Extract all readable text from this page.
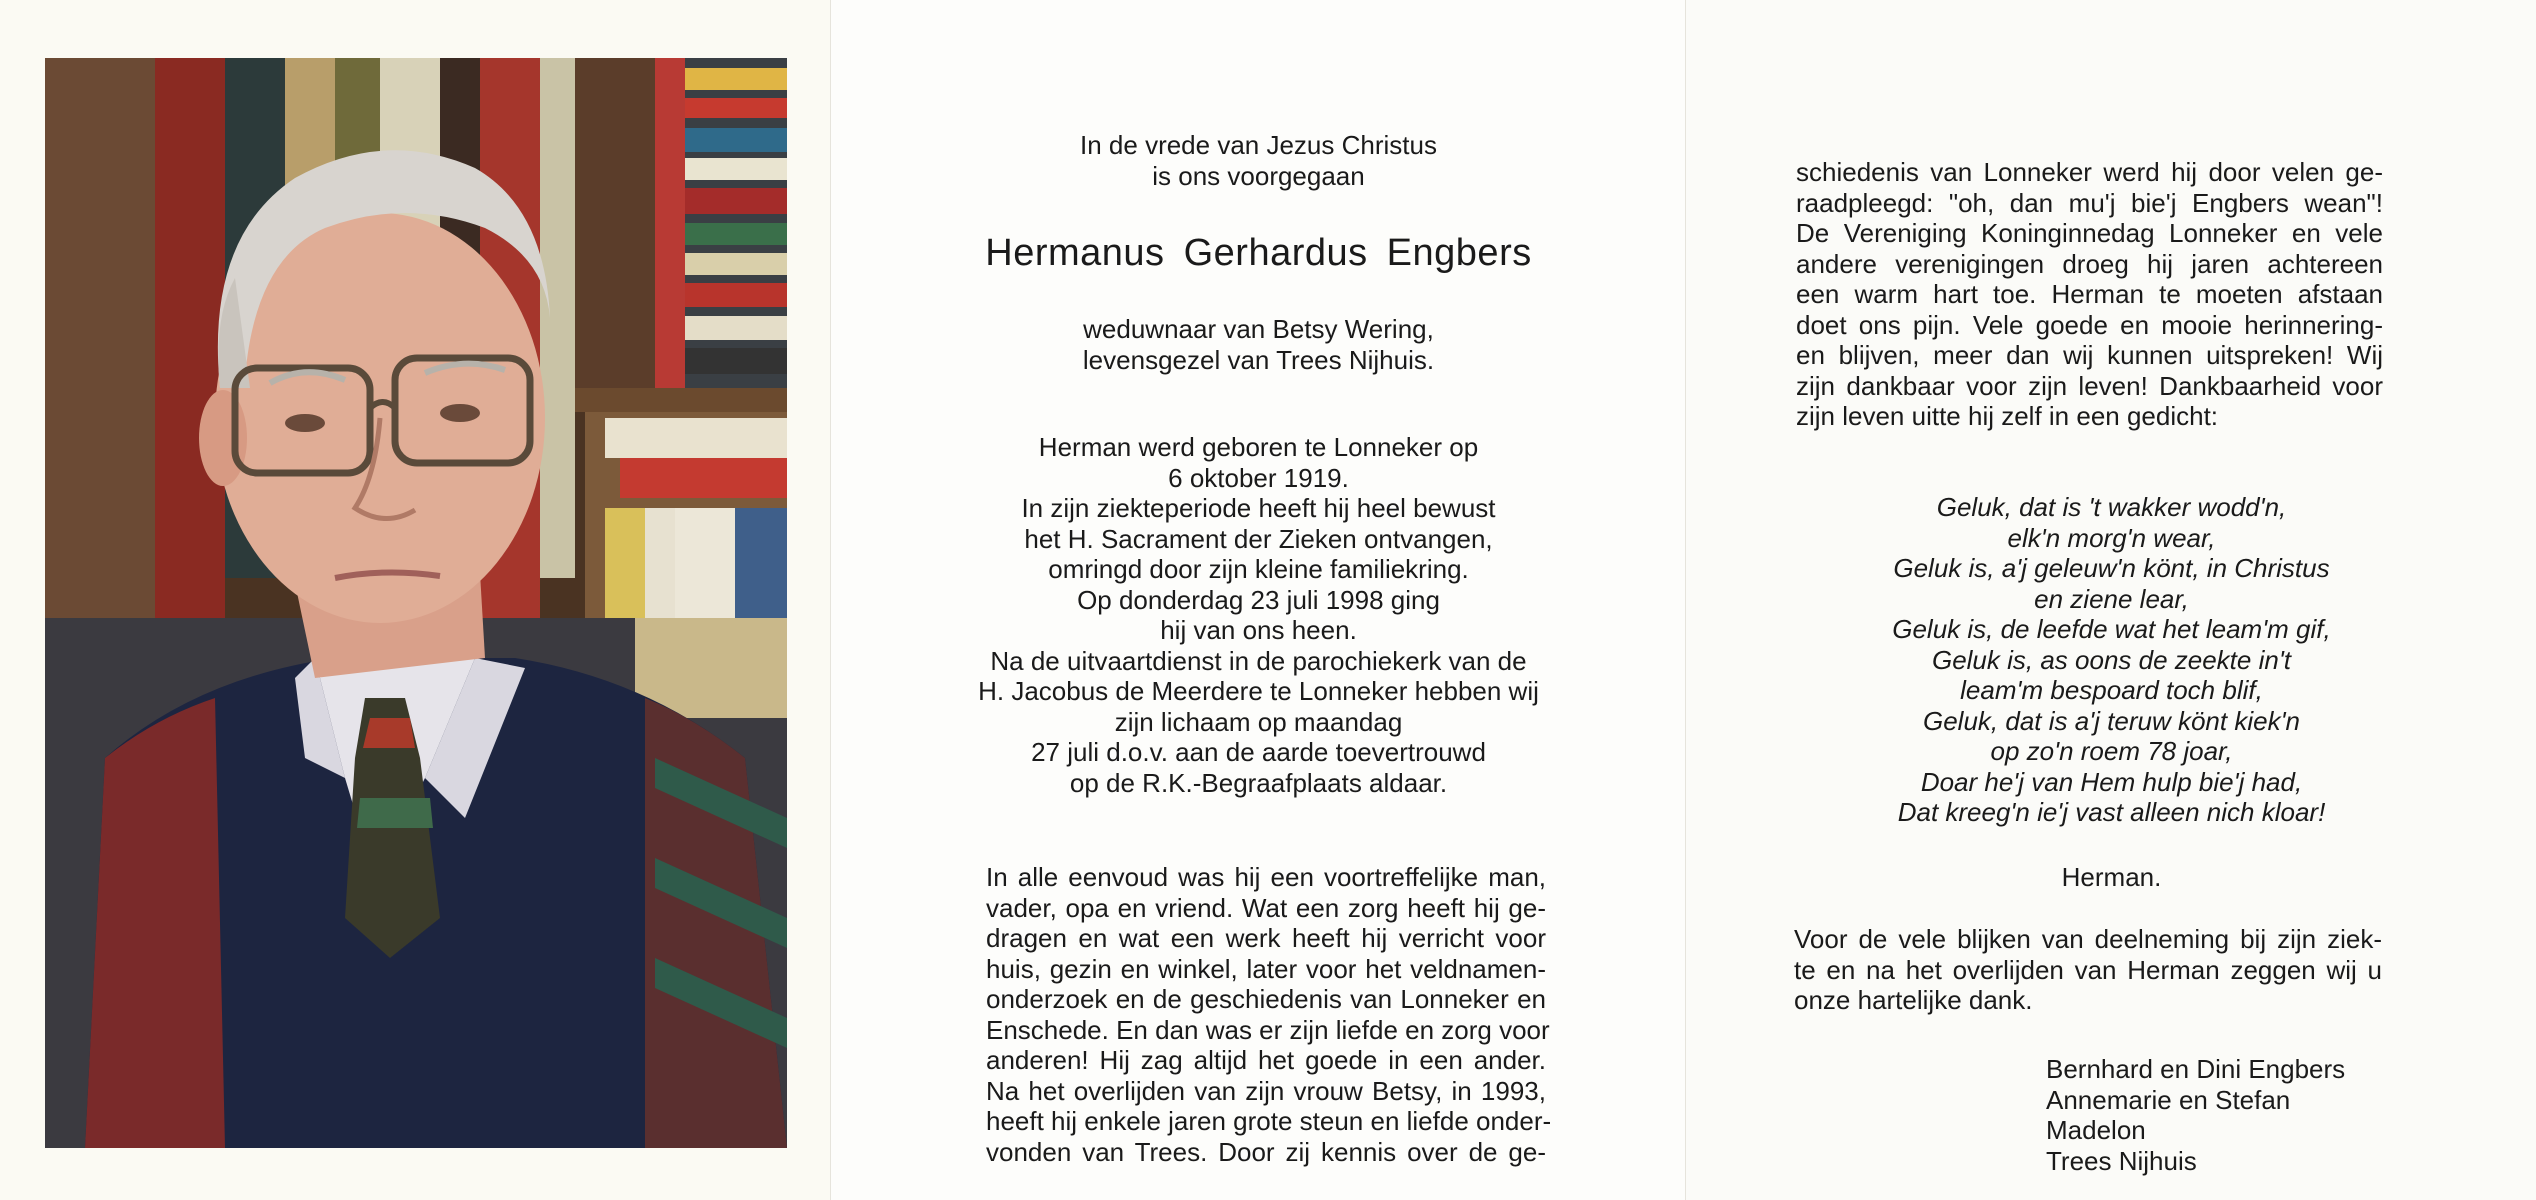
In de vrede van Jezus Christus
is ons voorgegaan
Hermanus Gerhardus Engbers
weduwnaar van Betsy Wering,
levensgezel van Trees Nijhuis.
Herman werd geboren te Lonneker op
6 oktober 1919.
In zijn ziekteperiode heeft hij heel bewust
het H. Sacrament der Zieken ontvangen,
omringd door zijn kleine familiekring.
Op donderdag 23 juli 1998 ging
hij van ons heen.
Na de uitvaartdienst in de parochiekerk van de
H. Jacobus de Meerdere te Lonneker hebben wij
zijn lichaam op maandag
27 juli d.o.v. aan de aarde toevertrouwd
op de R.K.-Begraafplaats aldaar.
In alle eenvoud was hij een voortreffelijke man,
vader, opa en vriend. Wat een zorg heeft hij ge-
dragen en wat een werk heeft hij verricht voor
huis, gezin en winkel, later voor het veldnamen-
onderzoek en de geschiedenis van Lonneker en
Enschede. En dan was er zijn liefde en zorg voor
anderen! Hij zag altijd het goede in een ander.
Na het overlijden van zijn vrouw Betsy, in 1993,
heeft hij enkele jaren grote steun en liefde onder-
vonden van Trees. Door zij kennis over de ge-
schiedenis van Lonneker werd hij door velen ge-
raadpleegd: "oh, dan mu'j bie'j Engbers wean"!
De Vereniging Koninginnedag Lonneker en vele
andere verenigingen droeg hij jaren achtereen
een warm hart toe. Herman te moeten afstaan
doet ons pijn. Vele goede en mooie herinnering-
en blijven, meer dan wij kunnen uitspreken! Wij
zijn dankbaar voor zijn leven! Dankbaarheid voor
zijn leven uitte hij zelf in een gedicht:
Geluk, dat is 't wakker wodd'n,
elk'n morg'n wear,
Geluk is, a'j geleuw'n könt, in Christus
en ziene lear,
Geluk is, de leefde wat het leam'm gif,
Geluk is, as oons de zeekte in't
leam'm bespoard toch blif,
Geluk, dat is a'j teruw könt kiek'n
op zo'n roem 78 joar,
Doar he'j van Hem hulp bie'j had,
Dat kreeg'n ie'j vast alleen nich kloar!
Herman.
Voor de vele blijken van deelneming bij zijn ziek-
te en na het overlijden van Herman zeggen wij u
onze hartelijke dank.
Bernhard en Dini Engbers
Annemarie en Stefan
Madelon
Trees Nijhuis
